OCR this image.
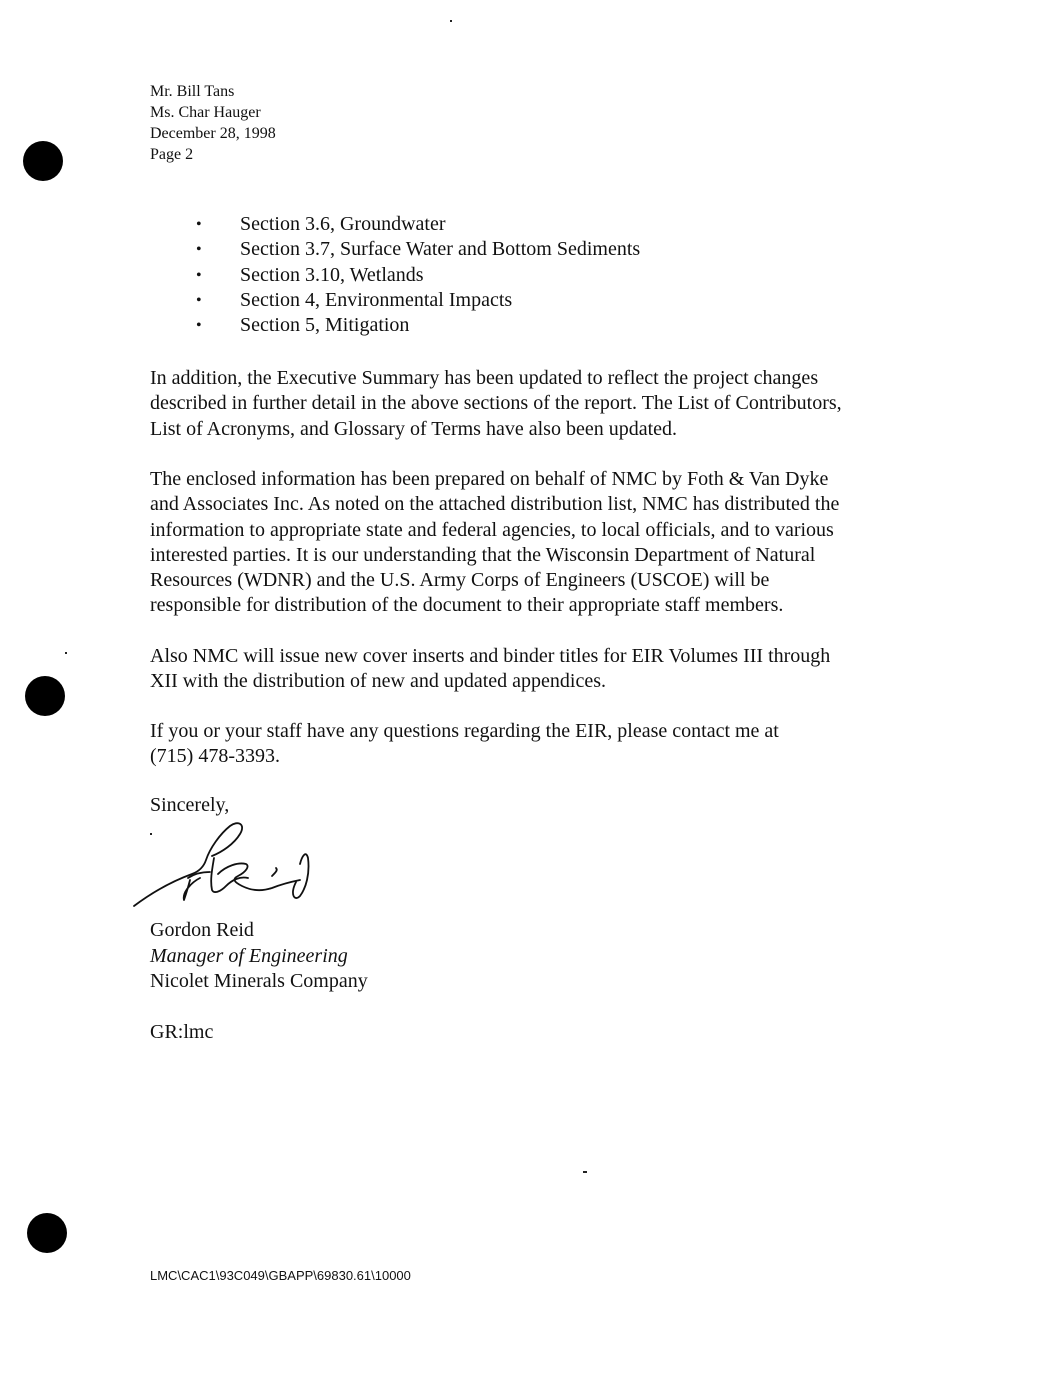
Mr. Bill Tans
Ms. Char Hauger
December 28, 1998
Page 2
• Section 3.6, Groundwater
• Section 3.7, Surface Water and Bottom Sediments
• Section 3.10, Wetlands
• Section 4, Environmental Impacts
• Section 5, Mitigation

In addition, the Executive Summary has been updated to reflect the project changes
described in further detail in the above sections of the report. The List of Contributors,
List of Acronyms, and Glossary of Terms have also been updated.

The enclosed information has been prepared on behalf of NMC by Foth & Van Dyke
and Associates Inc. As noted on the attached distribution list, NMC has distributed the
information to appropriate state and federal agencies, to local officials, and to various
interested parties. It is our understanding that the Wisconsin Department of Natural
Resources (WDNR) and the U.S. Army Corps of Engineers (USCOE) will be
responsible for distribution of the document to their appropriate staff members.

Also NMC will issue new cover inserts and binder titles for EIR Volumes III through
XII with the distribution of new and updated appendices.

If you or your staff have any questions regarding the EIR, please contact me at
(715) 478-3393.

Sincerely,
Gordon Reid
Manager of Engineering
Nicolet Minerals Company
GR:lmc
LMC\CAC1\93C049\GBAPP\69830.61\10000
